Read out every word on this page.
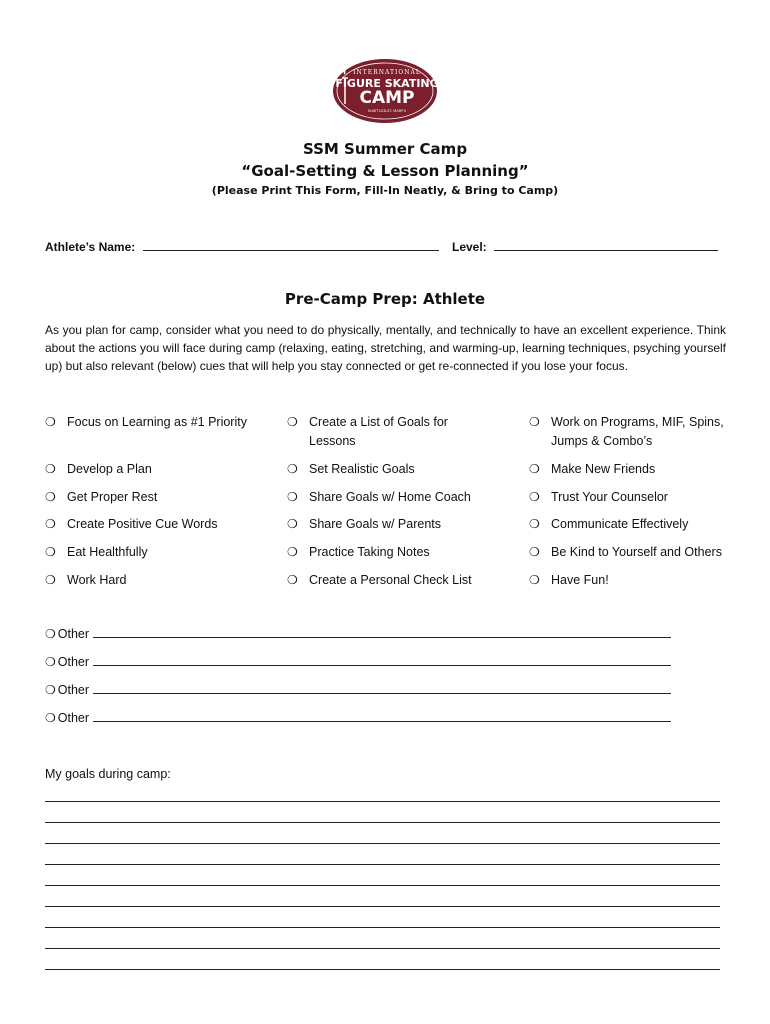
INTERNATIONAL
FIGURE SKATING
CAMP
SHATTUCK-ST. MARY'S
SSM Summer Camp
“Goal-Setting & Lesson Planning”
(Please Print This Form, Fill-In Neatly, & Bring to Camp)
Athlete’s Name:	Level:
Pre-Camp Prep: Athlete

As you plan for camp, consider what you need to do physically, mentally, and technically to have an excellent experience. Think about the actions you will face during camp (relaxing, eating, stretching, and warming-up, learning techniques, psyching yourself up) but also relevant (below) cues that will help you stay connected or get re-connected if you lose your focus.

❍ Focus on Learning as #1 Priority
❍ Develop a Plan
❍ Get Proper Rest
❍ Create Positive Cue Words
❍ Eat Healthfully
❍ Work Hard
❍ Create a List of Goals for Lessons
❍ Set Realistic Goals
❍ Share Goals w/ Home Coach
❍ Share Goals w/ Parents
❍ Practice Taking Notes
❍ Create a Personal Check List
❍ Work on Programs, MIF, Spins, Jumps & Combo’s
❍ Make New Friends
❍ Trust Your Counselor
❍ Communicate Effectively
❍ Be Kind to Yourself and Others
❍ Have Fun!
❍ Other
❍ Other
❍ Other
❍ Other
My goals during camp:
